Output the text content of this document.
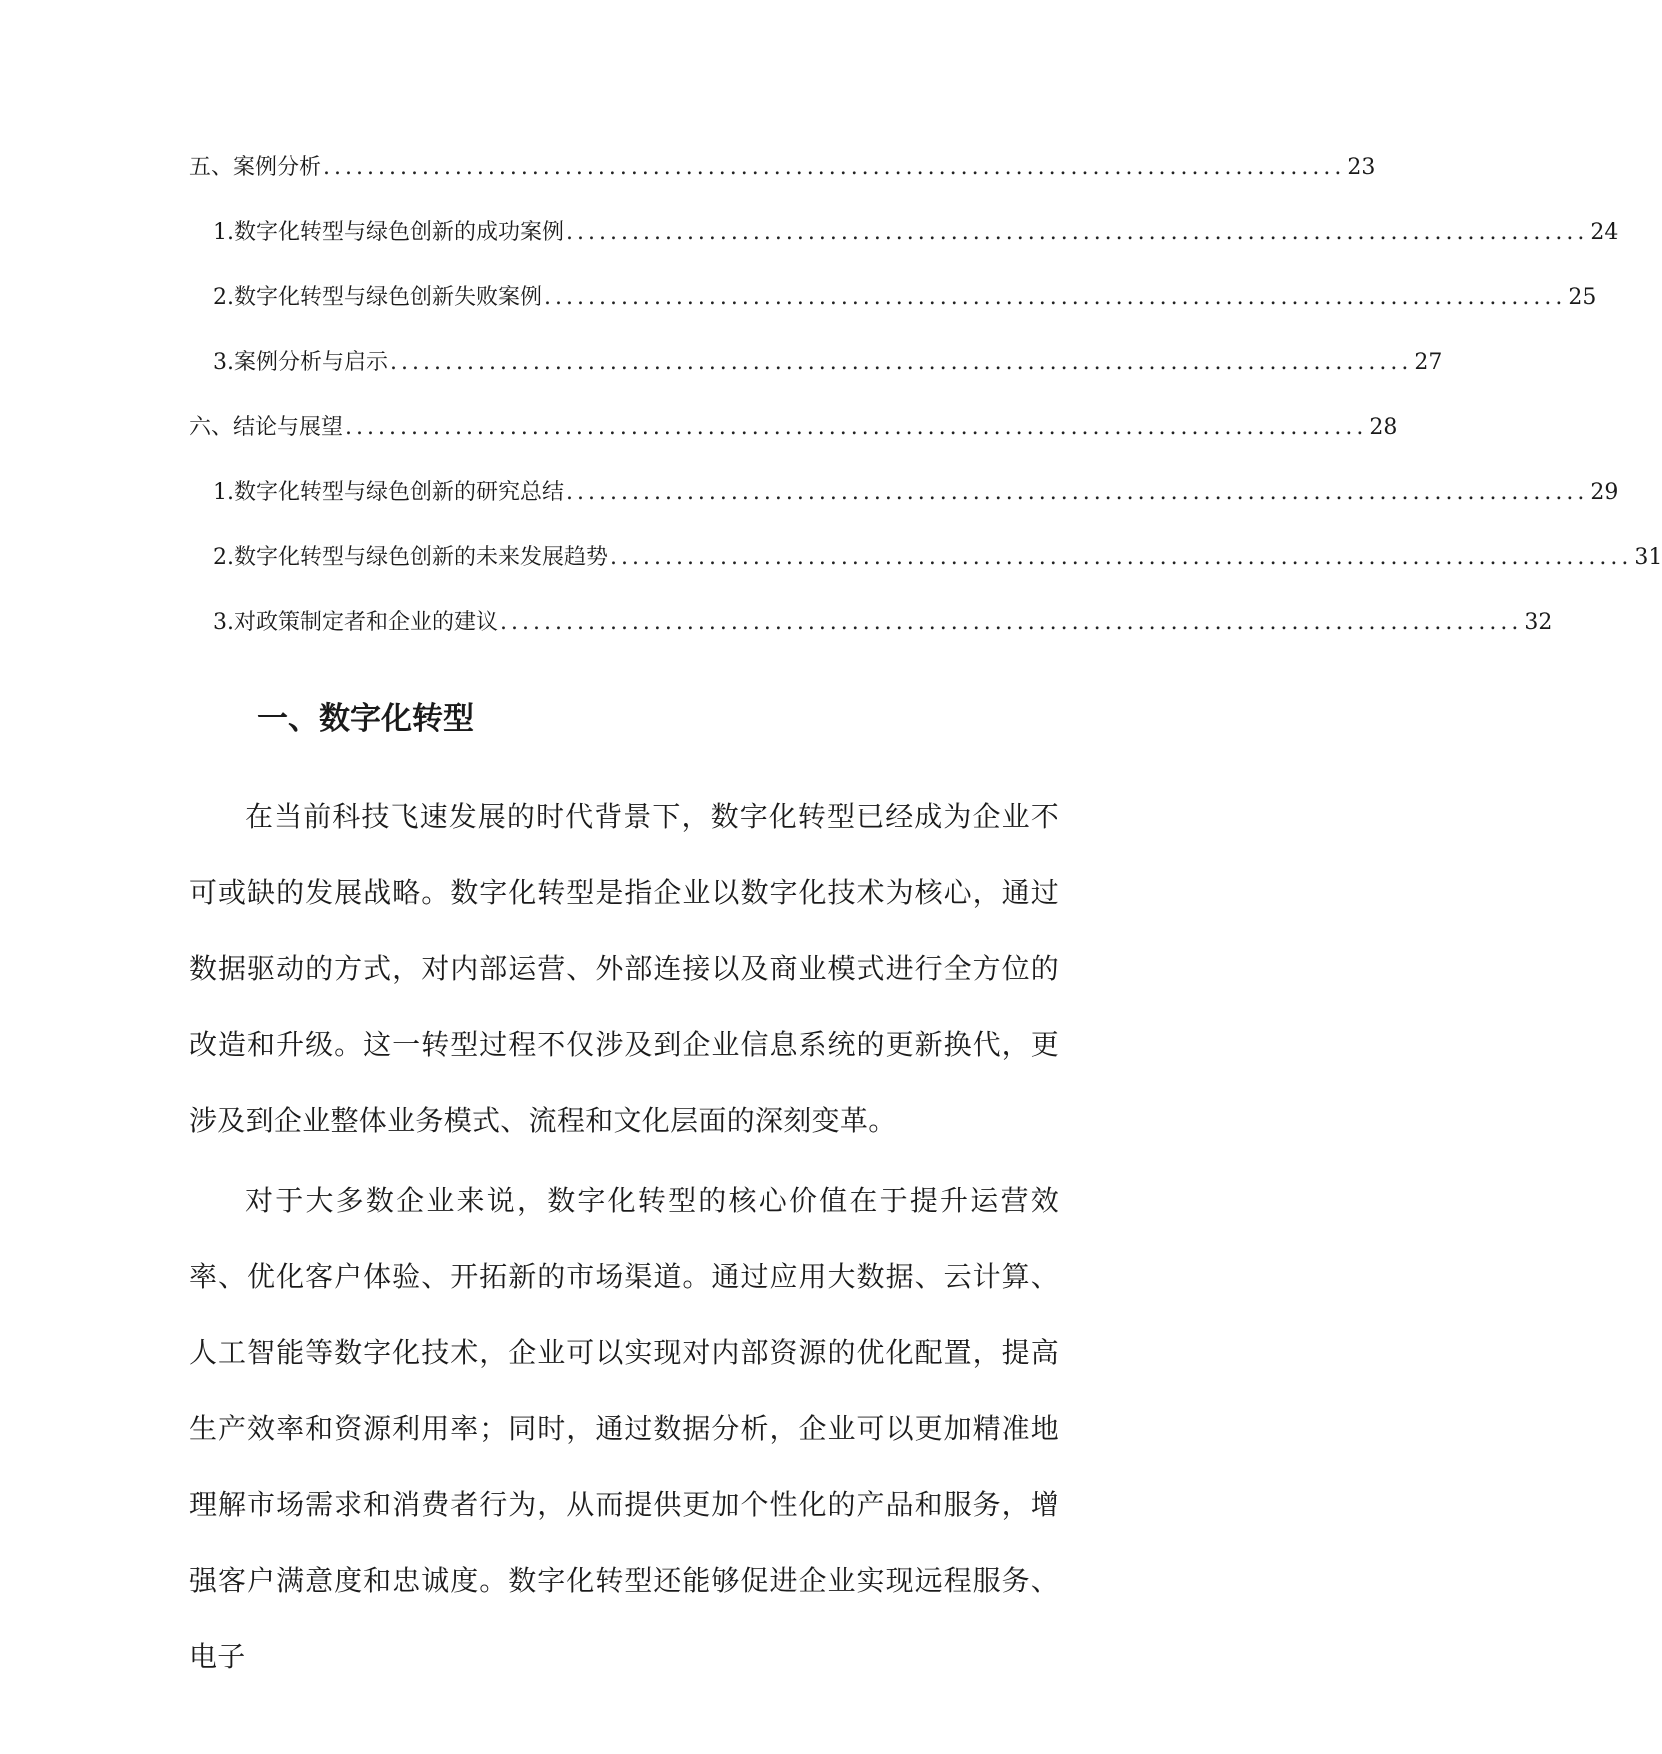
五、案例分析 ............................................................................................. 23
1. 数字化转型与绿色创新的成功案例 ............................................................................................. 24
2. 数字化转型与绿色创新失败案例 ............................................................................................. 25
3. 案例分析与启示 ............................................................................................. 27
六、结论与展望 ............................................................................................. 28
1. 数字化转型与绿色创新的研究总结 ............................................................................................. 29
2. 数字化转型与绿色创新的未来发展趋势 ............................................................................................. 31
3. 对政策制定者和企业的建议 ............................................................................................. 32
一、数字化转型

在当前科技飞速发展的时代背景下，数字化转型已经成为企业不可或缺的发展战略。数字化转型是指企业以数字化技术为核心，通过数据驱动的方式，对内部运营、外部连接以及商业模式进行全方位的改造和升级。这一转型过程不仅涉及到企业信息系统的更新换代，更涉及到企业整体业务模式、流程和文化层面的深刻变革。

对于大多数企业来说，数字化转型的核心价值在于提升运营效率、优化客户体验、开拓新的市场渠道。通过应用大数据、云计算、人工智能等数字化技术，企业可以实现对内部资源的优化配置，提高生产效率和资源利用率；同时，通过数据分析，企业可以更加精准地理解市场需求和消费者行为，从而提供更加个性化的产品和服务，增强客户满意度和忠诚度。数字化转型还能够促进企业实现远程服务、电子
